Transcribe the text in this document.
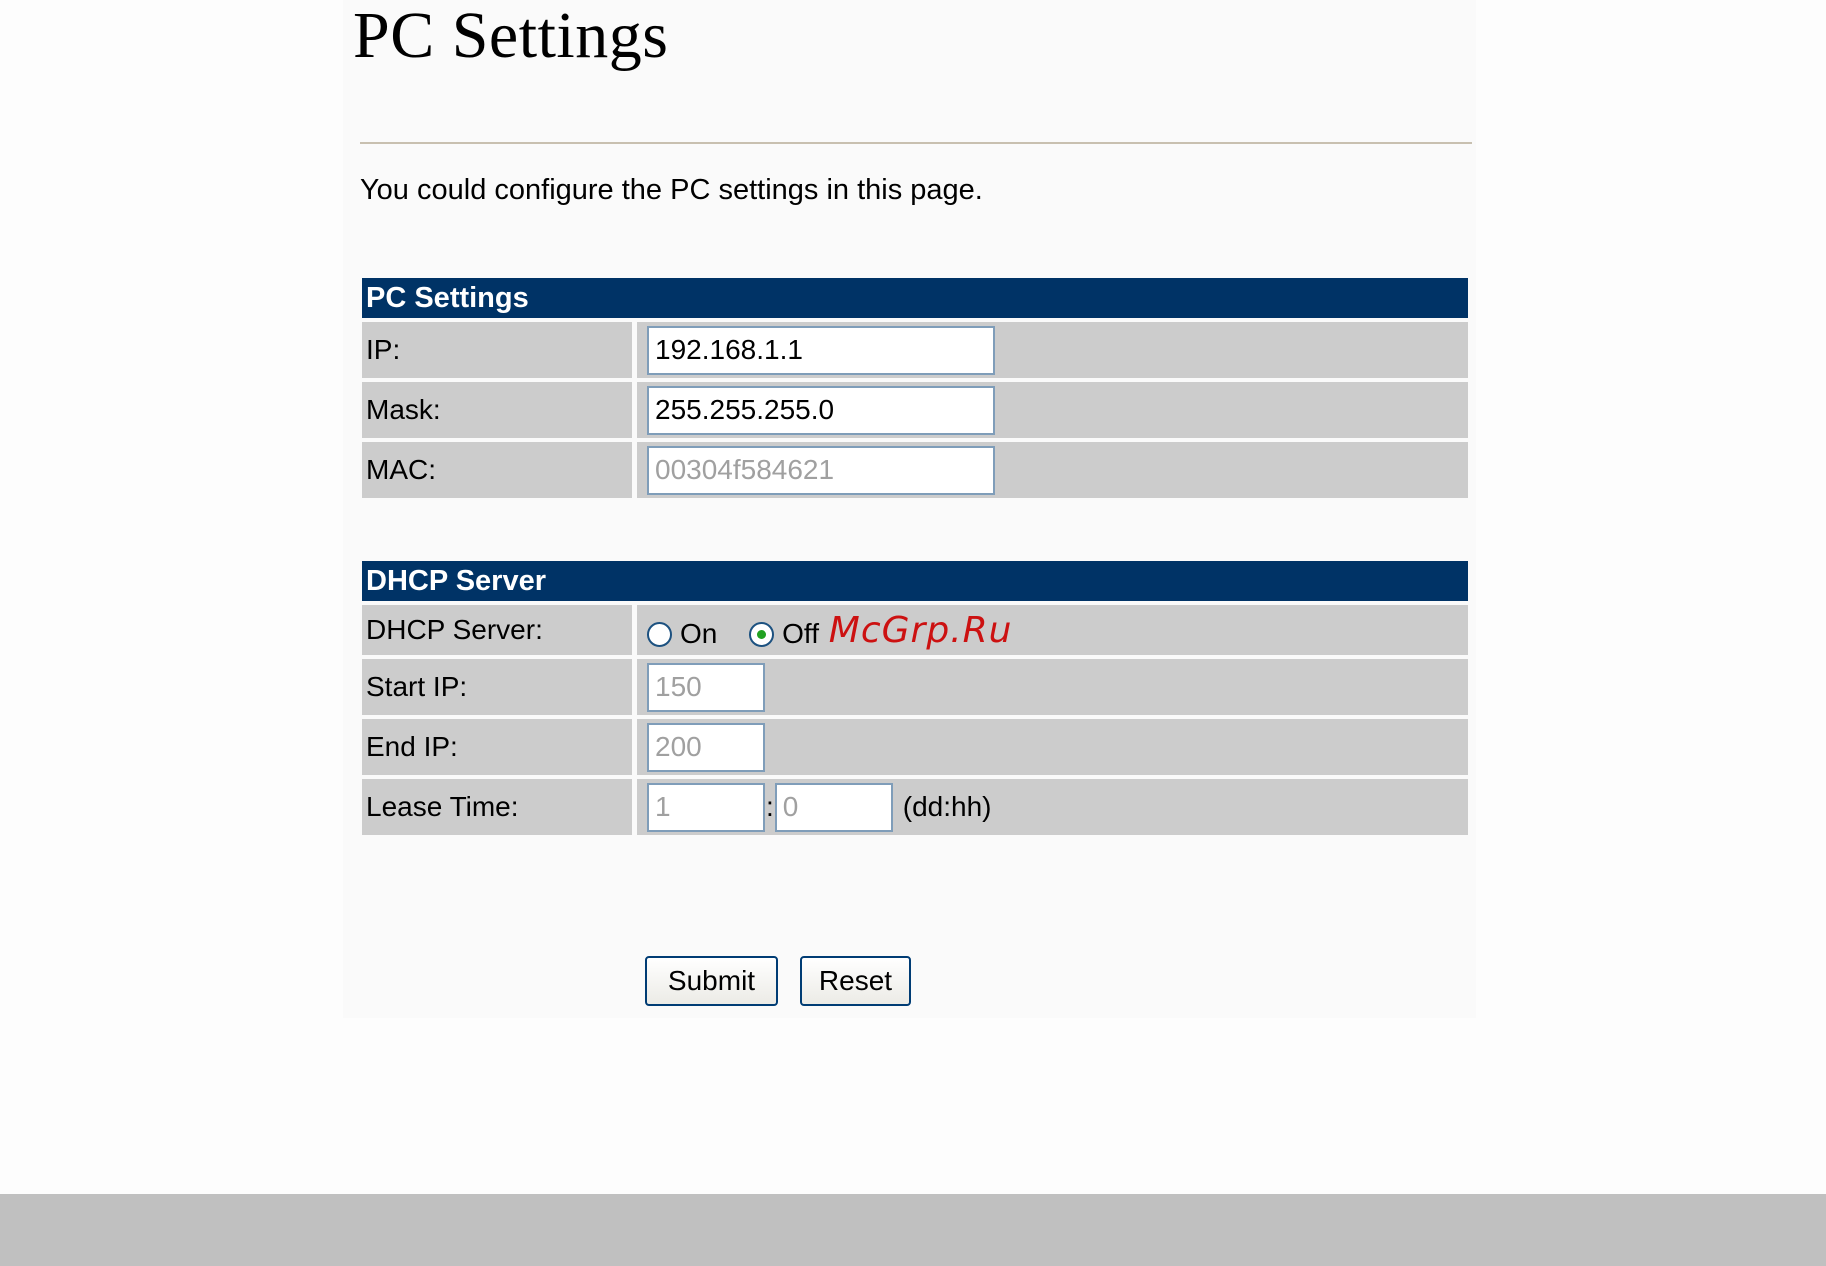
PC Settings
You could configure the PC settings in this page.
PC Settings	
IP:	192.168.1.1
Mask:	255.255.255.0
MAC:	00304f584621
DHCP Server	
DHCP Server:	On
Off McGrp.Ru
Start IP:	150
End IP:	200
Lease Time:	1:0 (dd:hh)
Submit	Reset
